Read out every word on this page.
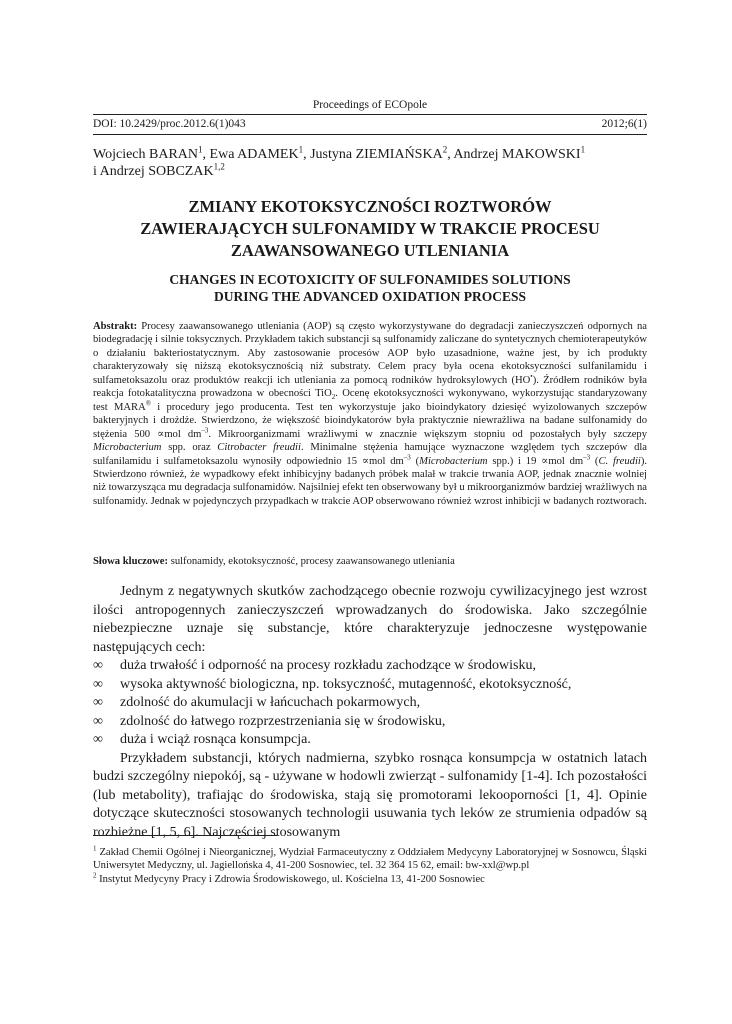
Proceedings of ECOpole
DOI: 10.2429/proc.2012.6(1)043	2012;6(1)
Wojciech BARAN$^1$, Ewa ADAMEK$^1$, Justyna ZIEMIAŃSKA$^2$, Andrzej MAKOWSKI$^1$
i Andrzej SOBCZAK$^{1,2}$
ZMIANY EKOTOKSYCZNOŚCI ROZTWORÓW
ZAWIERAJĄCYCH SULFONAMIDY W TRAKCIE PROCESU
ZAAWANSOWANEGO UTLENIANIA
CHANGES IN ECOTOXICITY OF SULFONAMIDES SOLUTIONS
DURING THE ADVANCED OXIDATION PROCESS
Abstrakt: Procesy zaawansowanego utleniania (AOP) są często wykorzystywane do degradacji zanieczyszczeń odpornych na biodegradację i silnie toksycznych. Przykładem takich substancji są sulfonamidy zaliczane do syntetycznych chemioterapeutyków o działaniu bakteriostatycznym. Aby zastosowanie procesów AOP było uzasadnione, ważne jest, by ich produkty charakteryzowały się niższą ekotoksycznością niż substraty. Celem pracy była ocena ekotoksyczności sulfanilamidu i sulfametoksazolu oraz produktów reakcji ich utleniania za pomocą rodników hydroksylowych (HO•). Źródłem rodników była reakcja fotokatalityczna prowadzona w obecności TiO$_2$. Ocenę ekotoksyczności wykonywano, wykorzystując standaryzowany test MARA® i procedury jego producenta. Test ten wykorzystuje jako bioindykatory dziesięć wyizolowanych szczepów bakteryjnych i drożdże. Stwierdzono, że większość bioindykatorów była praktycznie niewrażliwa na badane sulfonamidy do stężenia 500 ∝mol $dm^{-3}$. Mikroorganizmami wrażliwymi w znacznie większym stopniu od pozostałych były szczepy Microbacterium spp. oraz Citrobacter freudii. Minimalne stężenia hamujące wyznaczone względem tych szczepów dla sulfanilamidu i sulfametoksazolu wynosiły odpowiednio 15 ∝mol $dm^{-3}$ (Microbacterium spp.) i 19 ∝mol $dm^{-3}$ (C. freudii). Stwierdzono również, że wypadkowy efekt inhibicyjny badanych próbek malał w trakcie trwania AOP, jednak znacznie wolniej niż towarzysząca mu degradacja sulfonamidów. Najsilniej efekt ten obserwowany był u mikroorganizmów bardziej wrażliwych na sulfonamidy. Jednak w pojedynczych przypadkach w trakcie AOP obserwowano również wzrost inhibicji w badanych roztworach.
Słowa kluczowe: sulfonamidy, ekotoksyczność, procesy zaawansowanego utleniania

Jednym z negatywnych skutków zachodzącego obecnie rozwoju cywilizacyjnego jest wzrost ilości antropogennych zanieczyszczeń wprowadzanych do środowiska. Jako szczególnie niebezpieczne uznaje się substancje, które charakteryzuje jednoczesne występowanie następujących cech:

∞ duża trwałość i odporność na procesy rozkładu zachodzące w środowisku,
∞ wysoka aktywność biologiczna, np. toksyczność, mutagenność, ekotoksyczność,
∞ zdolność do akumulacji w łańcuchach pokarmowych,
∞ zdolność do łatwego rozprzestrzeniania się w środowisku,
∞ duża i wciąż rosnąca konsumpcja.

Przykładem substancji, których nadmierna, szybko rosnąca konsumpcja w ostatnich latach budzi szczególny niepokój, są - używane w hodowli zwierząt - sulfonamidy [1-4]. Ich pozostałości (lub metabolity), trafiając do środowiska, stają się promotorami lekooporności [1, 4]. Opinie dotyczące skuteczności stosowanych technologii usuwania tych leków ze strumienia odpadów są rozbieżne [1, 5, 6]. Najczęściej stosowanym

$^1$ Zakład Chemii Ogólnej i Nieorganicznej, Wydział Farmaceutyczny z Oddziałem Medycyny Laboratoryjnej w Sosnowcu, Śląski Uniwersytet Medyczny, ul. Jagiellońska 4, 41-200 Sosnowiec, tel. 32 364 15 62, email: bw-xxl@wp.pl

$^2$ Instytut Medycyny Pracy i Zdrowia Środowiskowego, ul. Kościelna 13, 41-200 Sosnowiec
